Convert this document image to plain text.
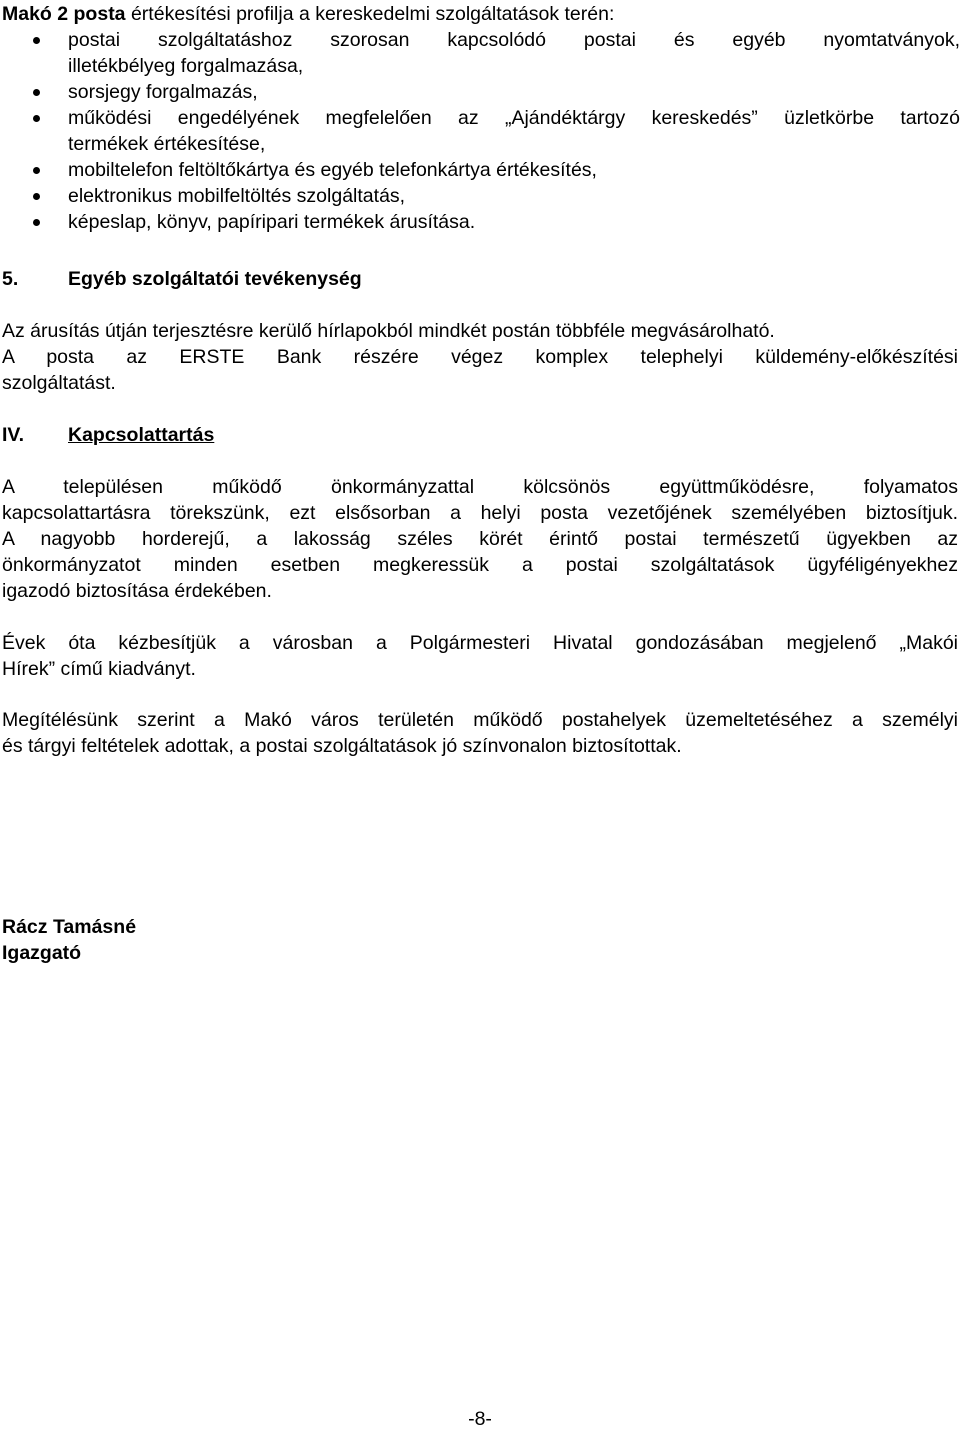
Makó 2 posta értékesítési profilja a kereskedelmi szolgáltatások terén:
postai szolgáltatáshoz szorosan kapcsolódó postai és egyéb nyomtatványok,
illetékbélyeg forgalmazása,
sorsjegy forgalmazás,
működési engedélyének megfelelően az „Ajándéktárgy kereskedés” üzletkörbe tartozó
termékek értékesítése,
mobiltelefon feltöltőkártya és egyéb telefonkártya értékesítés,
elektronikus mobilfeltöltés szolgáltatás,
képeslap, könyv, papíripari termékek árusítása.
5.	Egyéb szolgáltatói tevékenység
Az árusítás útján terjesztésre kerülő hírlapokból mindkét postán többféle megvásárolható.
A posta az ERSTE Bank részére végez komplex telephelyi küldemény-előkészítési
szolgáltatást.
IV. Kapcsolattartás
A településen működő önkormányzattal kölcsönös együttműködésre, folyamatos
kapcsolattartásra törekszünk, ezt elsősorban a helyi posta vezetőjének személyében biztosítjuk.
A nagyobb horderejű, a lakosság széles körét érintő postai természetű ügyekben az
önkormányzatot minden esetben megkeressük a postai szolgáltatások ügyféligényekhez
igazodó biztosítása érdekében.
Évek óta kézbesítjük a városban a Polgármesteri Hivatal gondozásában megjelenő „Makói
Hírek” című kiadványt.
Megítélésünk szerint a Makó város területén működő postahelyek üzemeltetéséhez a személyi
és tárgyi feltételek adottak, a postai szolgáltatások jó színvonalon biztosítottak.
Rácz Tamásné
Igazgató
-8-
